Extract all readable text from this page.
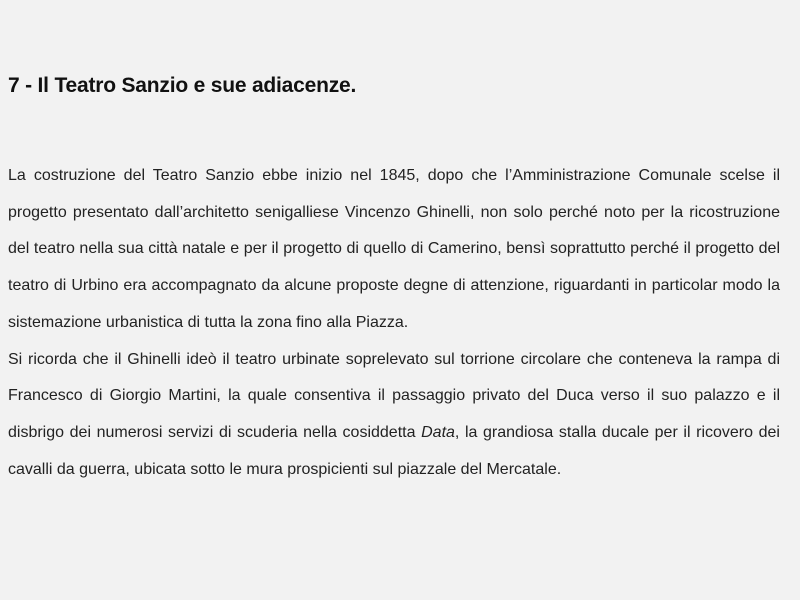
7 - Il Teatro Sanzio e sue adiacenze.

La costruzione del Teatro Sanzio ebbe inizio nel 1845, dopo che l’Amministrazione Comunale scelse il progetto presentato dall’architetto senigalliese Vincenzo Ghinelli, non solo perché noto per la ricostruzione del teatro nella sua città natale e per il progetto di quello di Camerino, bensì soprattutto perché il progetto del teatro di Urbino era accompagnato da alcune proposte degne di attenzione, riguardanti in particolar modo la sistemazione urbanistica di tutta la zona fino alla Piazza.

Si ricorda che il Ghinelli ideò il teatro urbinate soprelevato sul torrione circolare che conteneva la rampa di Francesco di Giorgio Martini, la quale consentiva il passaggio privato del Duca verso il suo palazzo e il disbrigo dei numerosi servizi di scuderia nella cosiddetta Data, la grandiosa stalla ducale per il ricovero dei cavalli da guerra, ubicata sotto le mura prospicienti sul piazzale del Mercatale.
